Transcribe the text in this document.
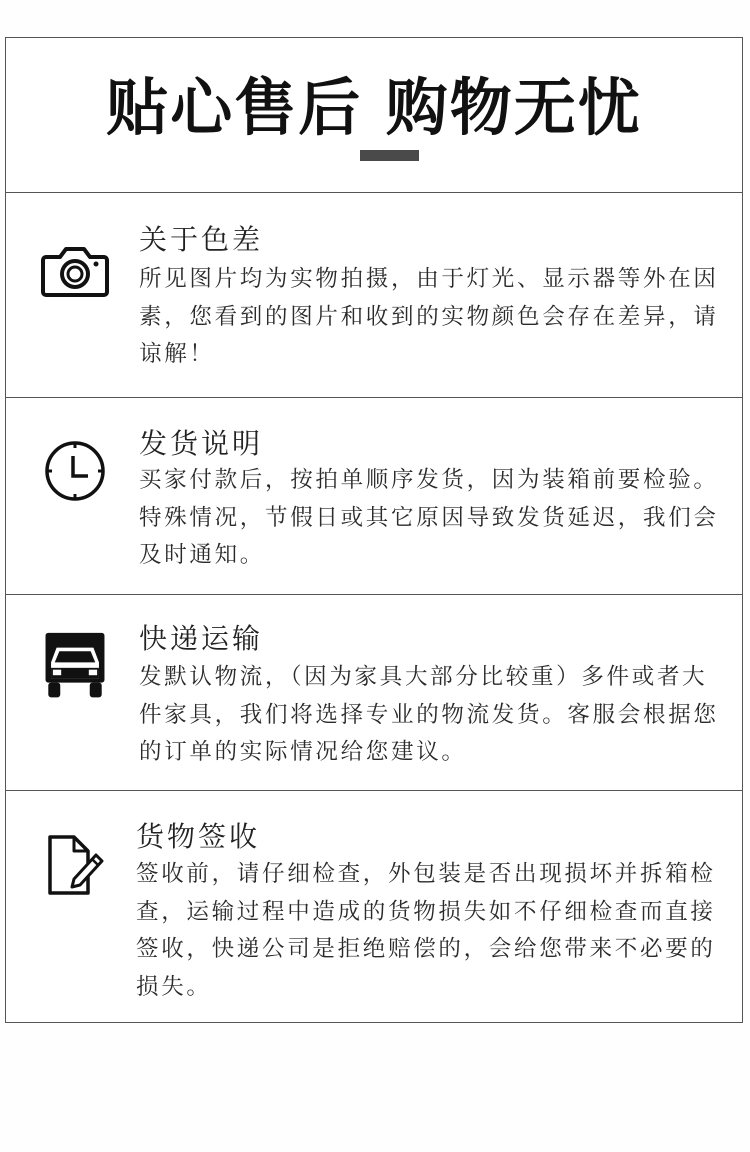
贴心售后 购物无忧
关于色差
所见图片均为实物拍摄，由于灯光、显示器等外在因素，您看到的图片和收到的实物颜色会存在差异，请谅解！
发货说明
买家付款后，按拍单顺序发货，因为装箱前要检验。特殊情况，节假日或其它原因导致发货延迟，我们会及时通知。
快递运输
发默认物流，（因为家具大部分比较重）多件或者大件家具，我们将选择专业的物流发货。客服会根据您的订单的实际情况给您建议。
货物签收
签收前，请仔细检查，外包装是否出现损坏并拆箱检查，运输过程中造成的货物损失如不仔细检查而直接签收，快递公司是拒绝赔偿的，会给您带来不必要的损失。
